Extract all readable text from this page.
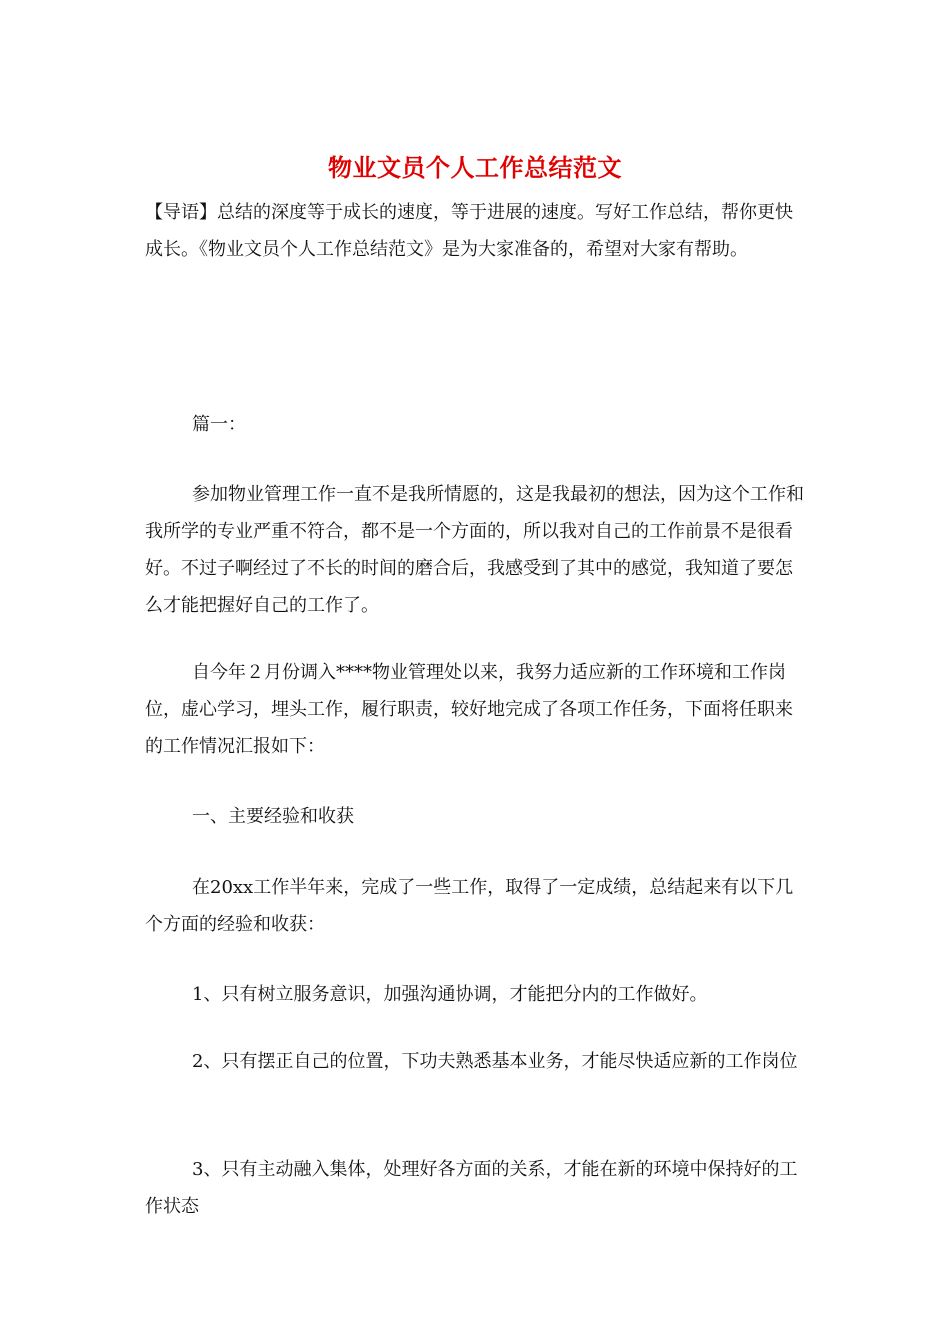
物业文员个人工作总结范文

【导语】总结的深度等于成长的速度，等于进展的速度。写好工作总结，帮你更快成长。《物业文员个人工作总结范文》是为大家准备的，希望对大家有帮助。

篇一：

参加物业管理工作一直不是我所情愿的，这是我最初的想法，因为这个工作和我所学的专业严重不符合，都不是一个方面的，所以我对自己的工作前景不是很看好。不过子啊经过了不长的时间的磨合后，我感受到了其中的感觉，我知道了要怎么才能把握好自己的工作了。

自今年２月份调入****物业管理处以来，我努力适应新的工作环境和工作岗位，虚心学习，埋头工作，履行职责，较好地完成了各项工作任务，下面将任职来的工作情况汇报如下：

一、主要经验和收获

在20xx工作半年来，完成了一些工作，取得了一定成绩，总结起来有以下几个方面的经验和收获：

1、只有树立服务意识，加强沟通协调，才能把分内的工作做好。

2、只有摆正自己的位置，下功夫熟悉基本业务，才能尽快适应新的工作岗位

3、只有主动融入集体，处理好各方面的关系，才能在新的环境中保持好的工作状态
